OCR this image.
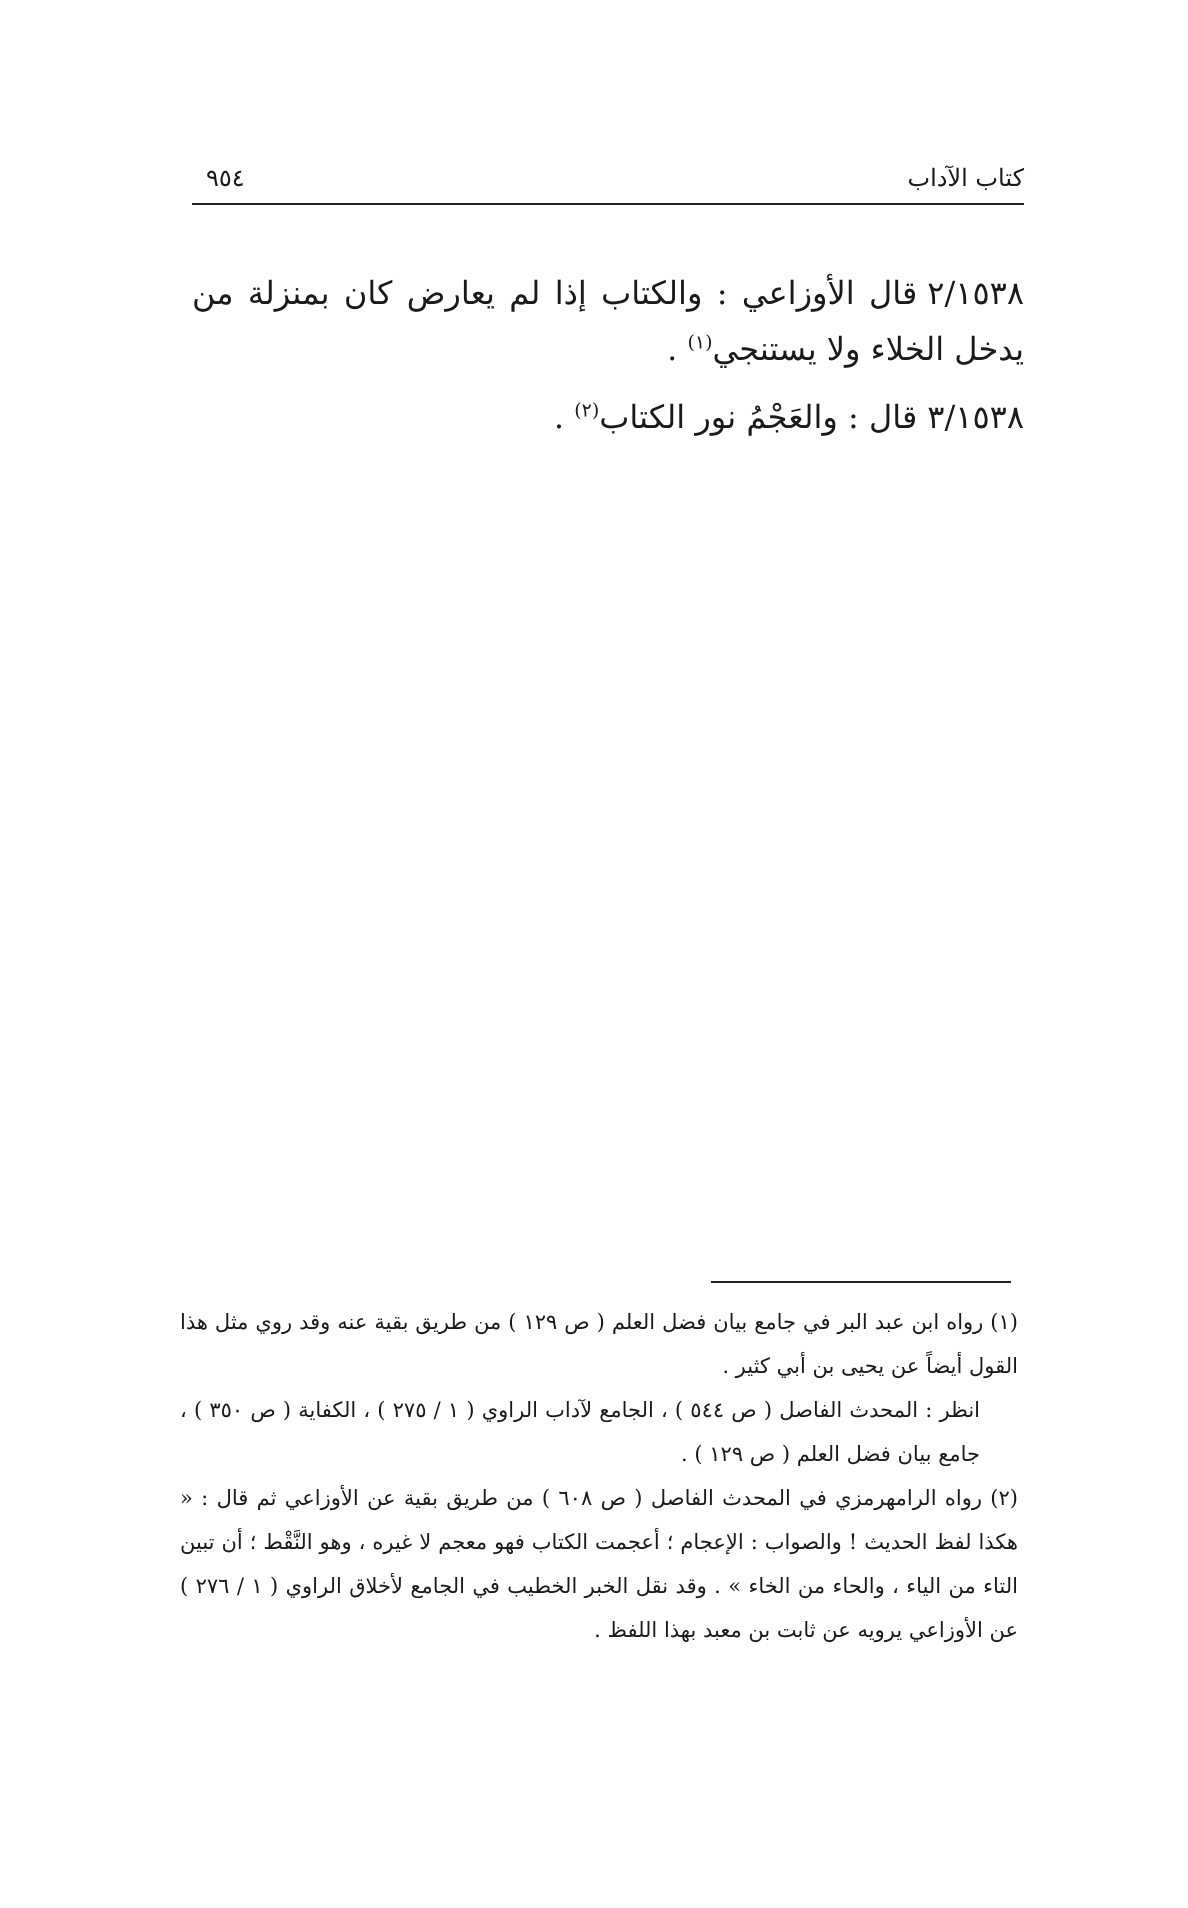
كتاب الآداب
٩٥٤

٢/١٥٣٨قال الأوزاعي : والكتاب إذا لم يعارض كان بمنزلة من يدخل الخلاء ولا يستنجي$^{(١)}$ .

٣/١٥٣٨قال : والعَجْمُ نور الكتاب$^{(٢)}$ .

(١) رواه ابن عبد البر في جامع بيان فضل العلم ( ص ١٢٩ ) من طريق بقية عنه وقد روي مثل هذا القول أيضاً عن يحيى بن أبي كثير .

انظر : المحدث الفاصل ( ص ٥٤٤ ) ، الجامع لآداب الراوي ( ١ / ٢٧٥ ) ، الكفاية ( ص ٣٥٠ ) ، جامع بيان فضل العلم ( ص ١٢٩ ) .

(٢) رواه الرامهرمزي في المحدث الفاصل ( ص ٦٠٨ ) من طريق بقية عن الأوزاعي ثم قال : « هكذا لفظ الحديث ! والصواب : الإعجام ؛ أعجمت الكتاب فهو معجم لا غيره ، وهو النَّقْط ؛ أن تبين التاء من الياء ، والحاء من الخاء » . وقد نقل الخبر الخطيب في الجامع لأخلاق الراوي ( ١ / ٢٧٦ ) عن الأوزاعي يرويه عن ثابت بن معبد بهذا اللفظ .
